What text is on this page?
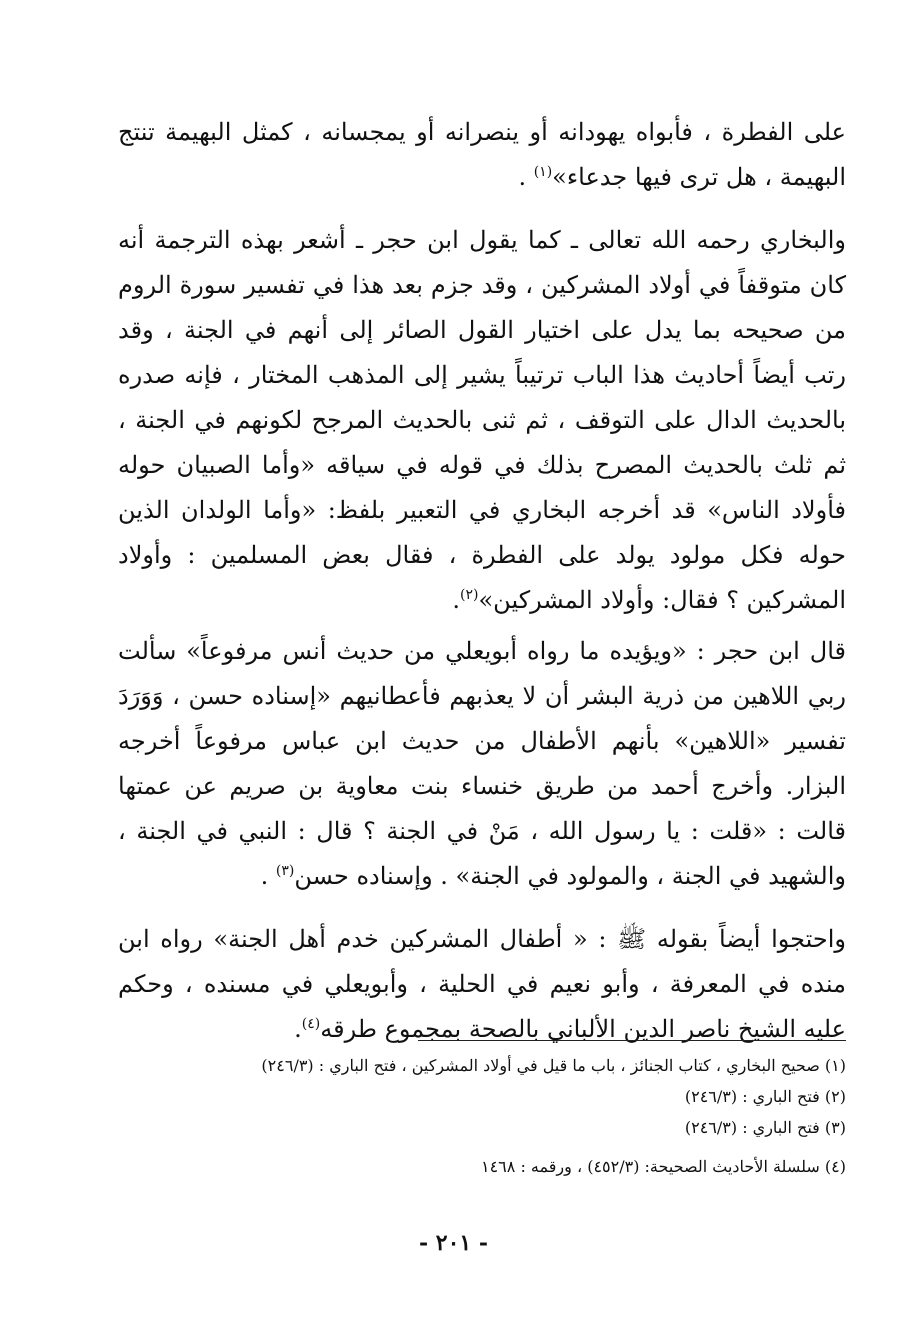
على الفطرة ، فأبواه يهودانه أو ينصرانه أو يمجسانه ، كمثل البهيمة تنتج البهيمة ، هل ترى فيها جدعاء»$^{(١)}$ .

والبخاري رحمه الله تعالى ـ كما يقول ابن حجر ـ أشعر بهذه الترجمة أنه كان متوقفاً في أولاد المشركين ، وقد جزم بعد هذا في تفسير سورة الروم من صحيحه بما يدل على اختيار القول الصائر إلى أنهم في الجنة ، وقد رتب أيضاً أحاديث هذا الباب ترتيباً يشير إلى المذهب المختار ، فإنه صدره بالحديث الدال على التوقف ، ثم ثنى بالحديث المرجح لكونهم في الجنة ، ثم ثلث بالحديث المصرح بذلك في قوله في سياقه «وأما الصبيان حوله فأولاد الناس» قد أخرجه البخاري في التعبير بلفظ: «وأما الولدان الذين حوله فكل مولود يولد على الفطرة ، فقال بعض المسلمين : وأولاد المشركين ؟ فقال: وأولاد المشركين»$^{(٢)}$.

قال ابن حجر : «ويؤيده ما رواه أبويعلي من حديث أنس مرفوعاً» سألت ربي اللاهين من ذرية البشر أن لا يعذبهم فأعطانيهم «إسناده حسن ، وَوَرَدَ تفسير «اللاهين» بأنهم الأطفال من حديث ابن عباس مرفوعاً أخرجه البزار. وأخرج أحمد من طريق خنساء بنت معاوية بن صريم عن عمتها قالت : «قلت : يا رسول الله ، مَنْ في الجنة ؟ قال : النبي في الجنة ، والشهيد في الجنة ، والمولود في الجنة» . وإسناده حسن$^{(٣)}$ .

واحتجوا أيضاً بقوله ﷺ : « أطفال المشركين خدم أهل الجنة» رواه ابن منده في المعرفة ، وأبو نعيم في الحلية ، وأبويعلي في مسنده ، وحكم عليه الشيخ ناصر الدين الألباني بالصحة بمجموع طرقه$^{(٤)}$.

(١) صحيح البخاري ، كتاب الجنائز ، باب ما قيل في أولاد المشركين ، فتح الباري : (٢٤٦/٣)

(٢) فتح الباري : (٢٤٦/٣)

(٣) فتح الباري : (٢٤٦/٣)

(٤) سلسلة الأحاديث الصحيحة: (٤٥٢/٣) ، ورقمه : ١٤٦٨

- ٢٠١ -
